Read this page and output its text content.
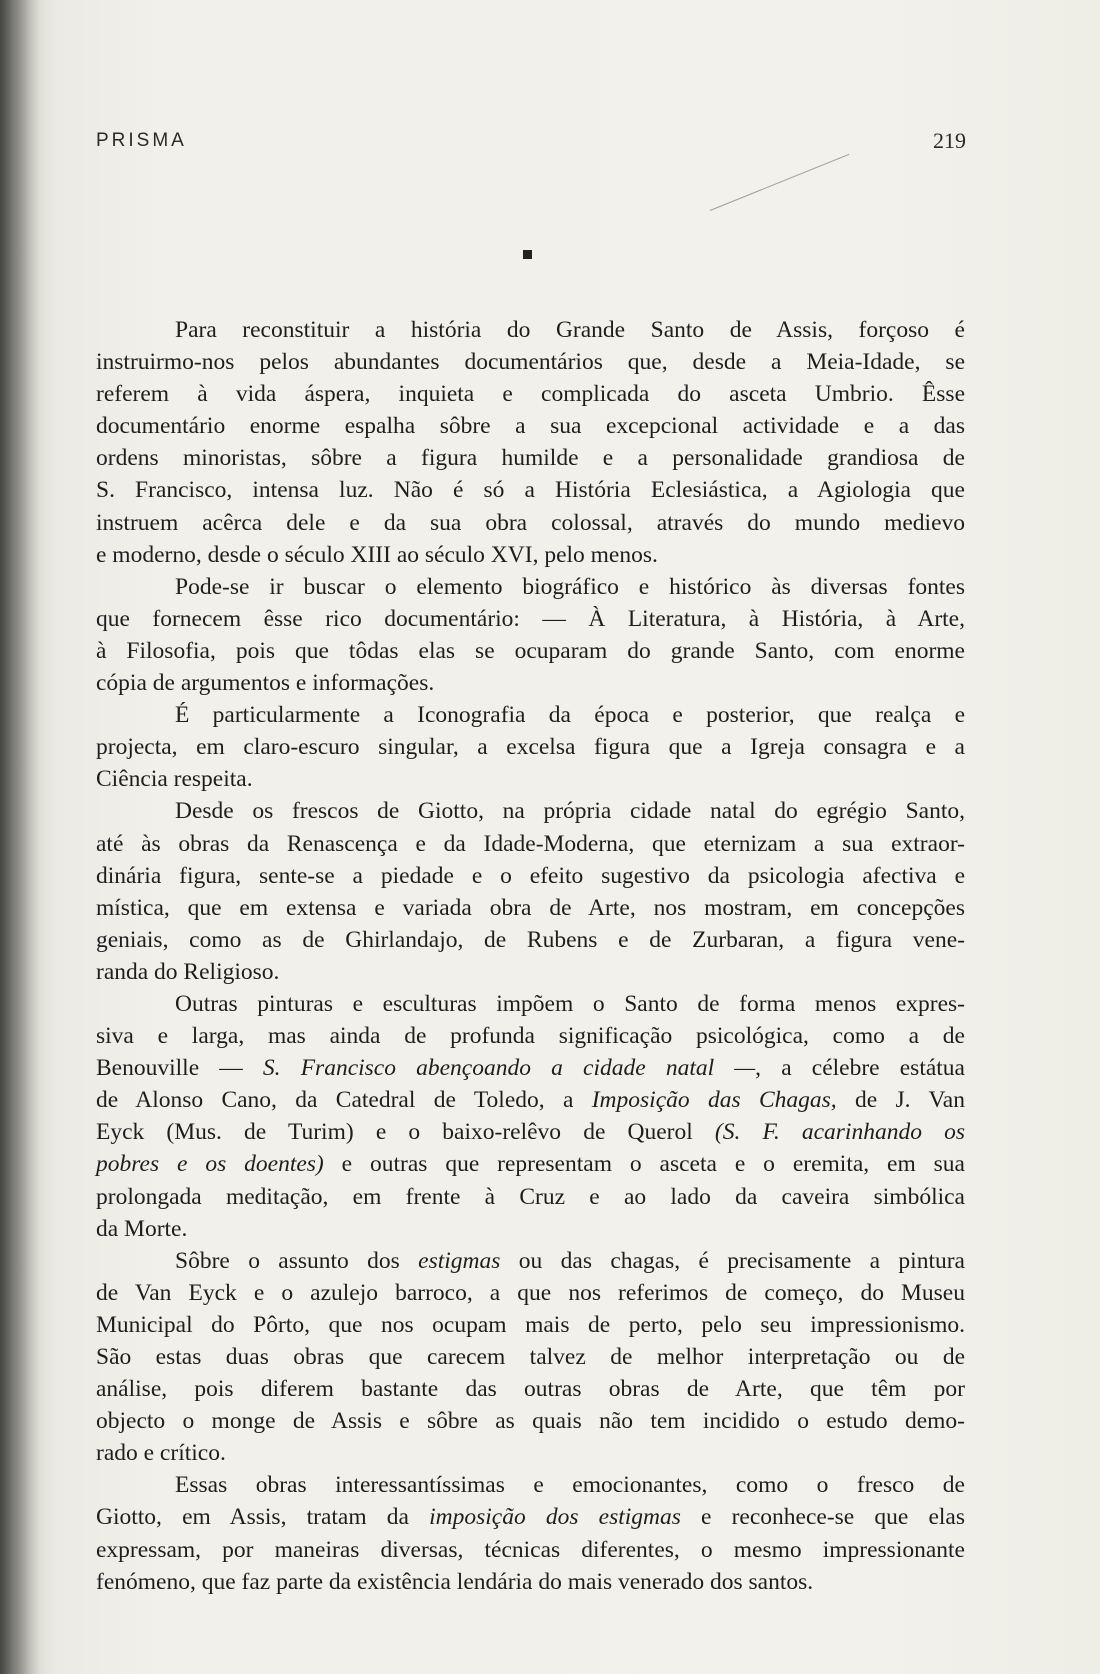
PRISMA	219
Para reconstituir a história do Grande Santo de Assis, forçoso é
instruirmo-nos pelos abundantes documentários que, desde a Meia-Idade, se
referem à vida áspera, inquieta e complicada do asceta Umbrio. Êsse
documentário enorme espalha sôbre a sua excepcional actividade e a das
ordens minoristas, sôbre a figura humilde e a personalidade grandiosa de
S. Francisco, intensa luz. Não é só a História Eclesiástica, a Agiologia que
instruem acêrca dele e da sua obra colossal, através do mundo medievo
e moderno, desde o século XIII ao século XVI, pelo menos.
Pode-se ir buscar o elemento biográfico e histórico às diversas fontes
que fornecem êsse rico documentário: — À Literatura, à História, à Arte,
à Filosofia, pois que tôdas elas se ocuparam do grande Santo, com enorme
cópia de argumentos e informações.
É particularmente a Iconografia da época e posterior, que realça e
projecta, em claro-escuro singular, a excelsa figura que a Igreja consagra e a
Ciência respeita.
Desde os frescos de Giotto, na própria cidade natal do egrégio Santo,
até às obras da Renascença e da Idade-Moderna, que eternizam a sua extraor-
dinária figura, sente-se a piedade e o efeito sugestivo da psicologia afectiva e
mística, que em extensa e variada obra de Arte, nos mostram, em concepções
geniais, como as de Ghirlandajo, de Rubens e de Zurbaran, a figura vene-
randa do Religioso.
Outras pinturas e esculturas impõem o Santo de forma menos expres-
siva e larga, mas ainda de profunda significação psicológica, como a de
Benouville — S. Francisco abençoando a cidade natal —, a célebre estátua
de Alonso Cano, da Catedral de Toledo, a Imposição das Chagas, de J. Van
Eyck (Mus. de Turim) e o baixo-relêvo de Querol (S. F. acarinhando os
pobres e os doentes) e outras que representam o asceta e o eremita, em sua
prolongada meditação, em frente à Cruz e ao lado da caveira simbólica
da Morte.
Sôbre o assunto dos estigmas ou das chagas, é precisamente a pintura
de Van Eyck e o azulejo barroco, a que nos referimos de começo, do Museu
Municipal do Pôrto, que nos ocupam mais de perto, pelo seu impressionismo.
São estas duas obras que carecem talvez de melhor interpretação ou de
análise, pois diferem bastante das outras obras de Arte, que têm por
objecto o monge de Assis e sôbre as quais não tem incidido o estudo demo-
rado e crítico.
Essas obras interessantíssimas e emocionantes, como o fresco de
Giotto, em Assis, tratam da imposição dos estigmas e reconhece-se que elas
expressam, por maneiras diversas, técnicas diferentes, o mesmo impressionante
fenómeno, que faz parte da existência lendária do mais venerado dos santos.
